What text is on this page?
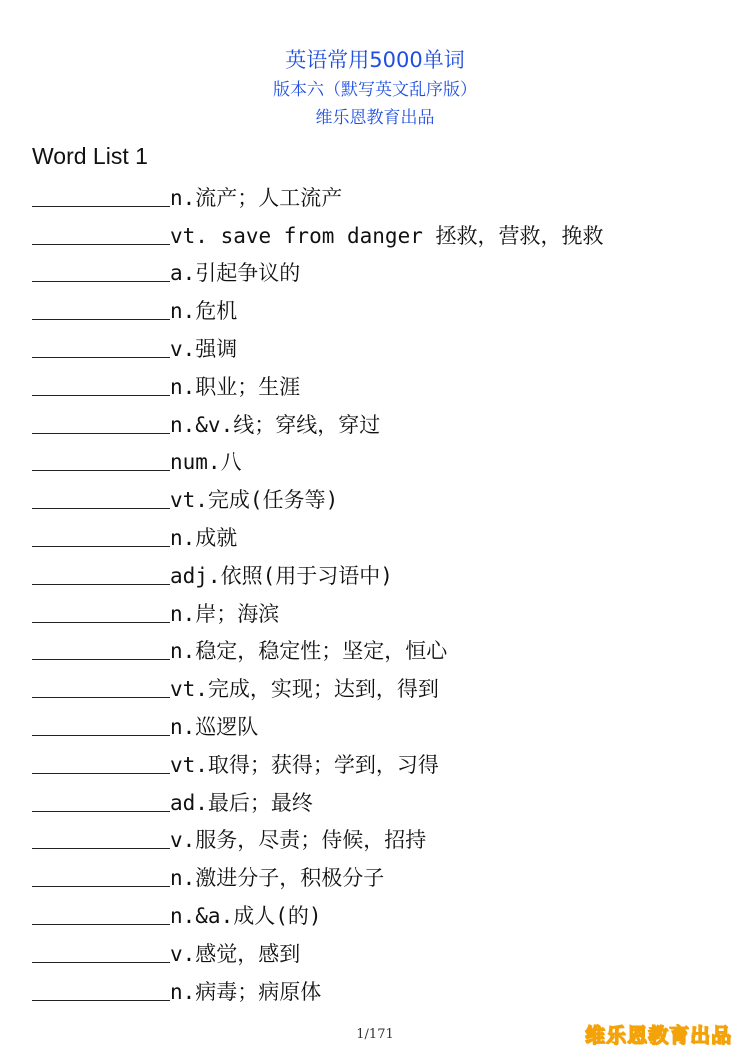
英语常用5000单词
版本六（默写英文乱序版）
维乐恩教育出品
Word List 1
n.流产；人工流产
vt. save from danger 拯救，营救，挽救
a.引起争议的
n.危机
v.强调
n.职业；生涯
n.&v.线；穿线，穿过
num.八
vt.完成(任务等)
n.成就
adj.依照(用于习语中)
n.岸；海滨
n.稳定，稳定性；坚定，恒心
vt.完成，实现；达到，得到
n.巡逻队
vt.取得；获得；学到，习得
ad.最后；最终
v.服务，尽责；侍候，招持
n.激进分子，积极分子
n.&a.成人(的)
v.感觉，感到
n.病毒；病原体
1/171	维乐恩教育出品
